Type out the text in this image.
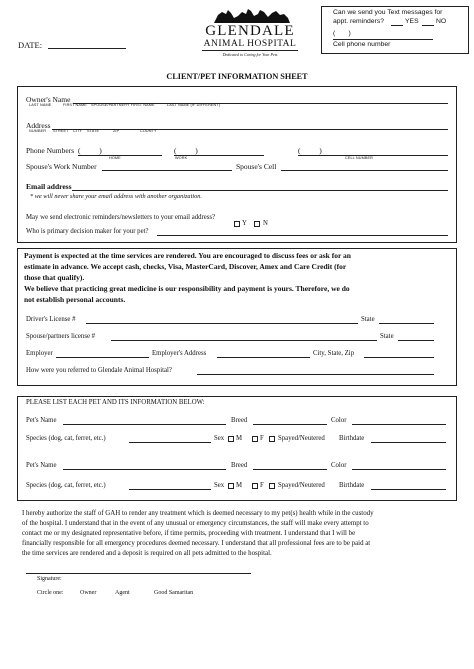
DATE:
GLENDALE
ANIMAL HOSPITAL
Dedicated to Caring for Your Pets
Can we send you Text messages for
appt. reminders?	YES	NO
(       )
Cell phone number
CLIENT/PET INFORMATION SHEET
Owner's Name
LAST NAME	FIRST NAME SPOUSE/PARTNERY FIRST NAME	LAST NAME (IF DIFFERENT)
Address
NUMBER STREET CITY STATE	ZIP	COUNTY
Phone Numbers (          )	(          )	(          )
HOME	WORK	CELL NUMBER
Spouse's Work Number	Spouse's Cell
Email address
* we will never share your email address with another organization.
May we send electronic reminders/newsletters to your email address?
Y N
Who is primary decision maker for your pet?
Payment is expected at the time services are rendered. You are encouraged to discuss fees or ask for an
estimate in advance. We accept cash, checks, Visa, MasterCard, Discover, Amex and Care Credit (for
those that qualify).
We believe that practicing great medicine is our responsibility and payment is yours. Therefore, we do
not establish personal accounts.
Driver's License #	State
Spouse/partners license #	State
Employer	Employer's Address	City, State, Zip
How were you referred to Glendale Animal Hospital?
PLEASE LIST EACH PET AND ITS INFORMATION BELOW:
Pet's Name	Breed	Color
Species (dog, cat, ferret, etc.)	Sex M	F Spayed/Neutered Birthdate
Pet's Name	Breed	Color
Species (dog, cat, ferret, etc.)	Sex M	F Spayed/Neutered Birthdate
I hereby authorize the staff of GAH to render any treatment which is deemed necessary to my pet(s) health while in the custody
of the hospital. I understand that in the event of any unusual or emergency circumstances, the staff will make every attempt to
contact me or my designated representative before, if time permits, proceeding with treatment. I understand that I will be
financially responsible for all emergency procedures deemed necessary. I understand that all professional fees are to be paid at
the time services are rendered and a deposit is required on all pets admitted to the hospital.
Signature:
Circle one:	Owner	Agent	Good Samaritan
